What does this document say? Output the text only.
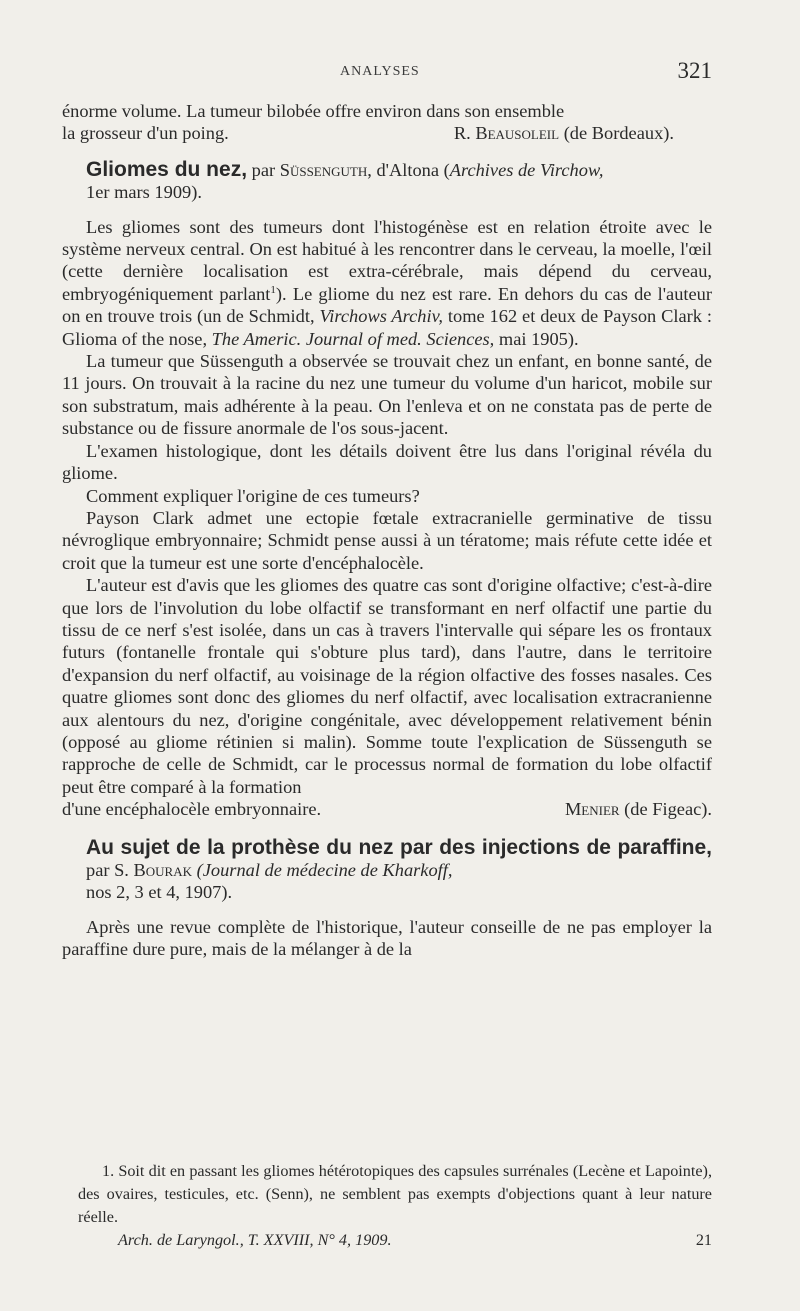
ANALYSES	321

énorme volume. La tumeur bilobée offre environ dans son ensemble

la grosseur d'un poing.	R. Beausoleil (de Bordeaux).

Gliomes du nez, par Süssenguth, d'Altona (Archives de Virchow,
1er mars 1909).

Les gliomes sont des tumeurs dont l'histogénèse est en relation étroite avec le système nerveux central. On est habitué à les rencontrer dans le cerveau, la moelle, l'œil (cette dernière localisation est extra-cérébrale, mais dépend du cerveau, embryogéniquement parlant$^1$). Le gliome du nez est rare. En dehors du cas de l'auteur on en trouve trois (un de Schmidt, Virchows Archiv, tome 162 et deux de Payson Clark : Glioma of the nose, The Americ. Journal of med. Sciences, mai 1905).

La tumeur que Süssenguth a observée se trouvait chez un enfant, en bonne santé, de 11 jours. On trouvait à la racine du nez une tumeur du volume d'un haricot, mobile sur son substratum, mais adhérente à la peau. On l'enleva et on ne constata pas de perte de substance ou de fissure anormale de l'os sous-jacent.

L'examen histologique, dont les détails doivent être lus dans l'original révéla du gliome.

Comment expliquer l'origine de ces tumeurs?

Payson Clark admet une ectopie fœtale extracranielle germinative de tissu névroglique embryonnaire; Schmidt pense aussi à un tératome; mais réfute cette idée et croit que la tumeur est une sorte d'encéphalocèle.

L'auteur est d'avis que les gliomes des quatre cas sont d'origine olfactive; c'est-à-dire que lors de l'involution du lobe olfactif se transformant en nerf olfactif une partie du tissu de ce nerf s'est isolée, dans un cas à travers l'intervalle qui sépare les os frontaux futurs (fontanelle frontale qui s'obture plus tard), dans l'autre, dans le territoire d'expansion du nerf olfactif, au voisinage de la région olfactive des fosses nasales. Ces quatre gliomes sont donc des gliomes du nerf olfactif, avec localisation extracranienne aux alentours du nez, d'origine congénitale, avec développement relativement bénin (opposé au gliome rétinien si malin). Somme toute l'explication de Süssenguth se rapproche de celle de Schmidt, car le processus normal de formation du lobe olfactif peut être comparé à la formation

d'une encéphalocèle embryonnaire.	Menier (de Figeac).

Au sujet de la prothèse du nez par des injections de paraffine, par S. Bourak (Journal de médecine de Kharkoff,
nos 2, 3 et 4, 1907).

Après une revue complète de l'historique, l'auteur conseille de ne pas employer la paraffine dure pure, mais de la mélanger à de la

1. Soit dit en passant les gliomes hétérotopiques des capsules surrénales (Lecène et Lapointe), des ovaires, testicules, etc. (Senn), ne semblent pas exempts d'objections quant à leur nature réelle.

Arch. de Laryngol., T. XXVIII, N° 4, 1909.	21
